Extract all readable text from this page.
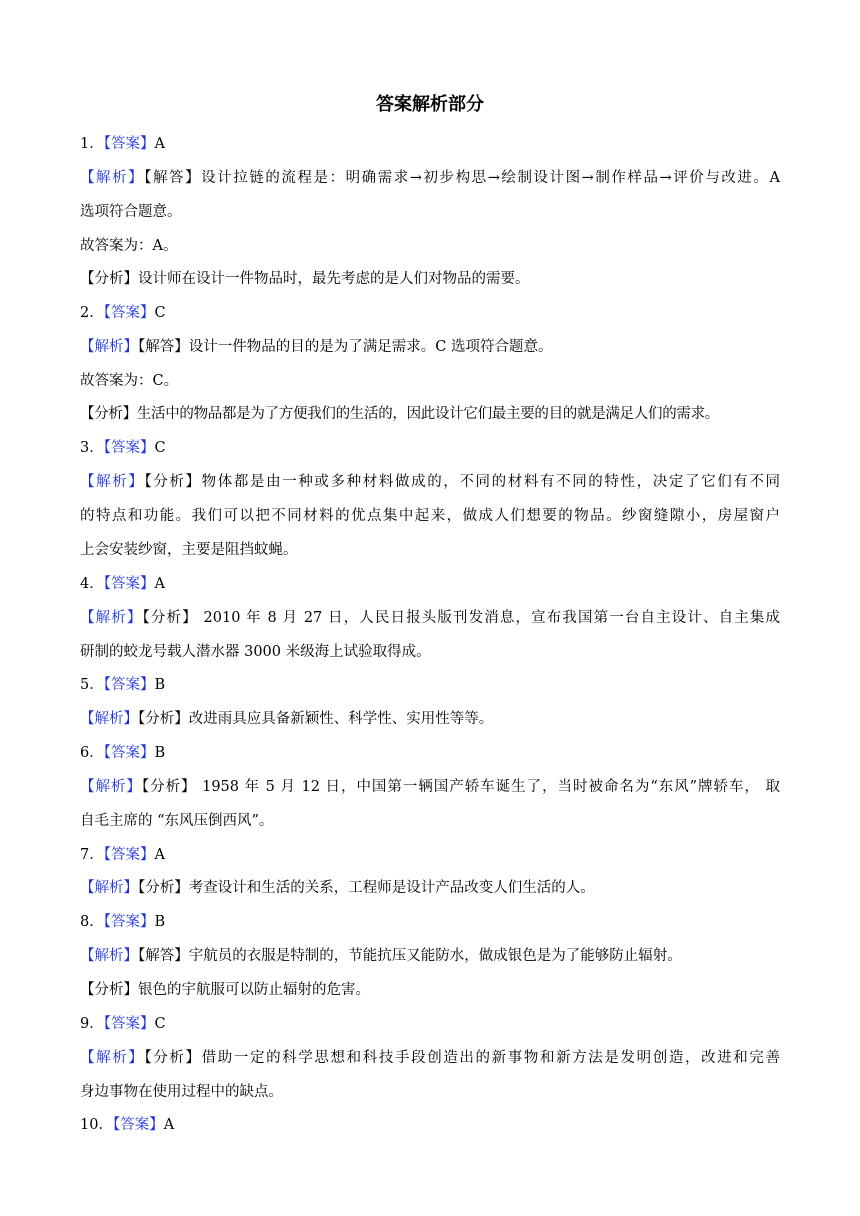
答案解析部分
1．【答案】A
【解析】【解答】设计拉链的流程是：明确需求→初步构思→绘制设计图→制作样品→评价与改进。A
选项符合题意。
故答案为：A。
【分析】设计师在设计一件物品时，最先考虑的是人们对物品的需要。
2．【答案】C
【解析】【解答】设计一件物品的目的是为了满足需求。C 选项符合题意。
故答案为：C。
【分析】生活中的物品都是为了方便我们的生活的，因此设计它们最主要的目的就是满足人们的需求。
3．【答案】C
【解析】【分析】物体都是由一种或多种材料做成的，不同的材料有不同的特性，决定了它们有不同
的特点和功能。我们可以把不同材料的优点集中起来，做成人们想要的物品。纱窗缝隙小，房屋窗户
上会安装纱窗，主要是阻挡蚊蝇。
4．【答案】A
【解析】【分析】 2010 年 8 月 27 日，人民日报头版刊发消息，宣布我国第一台自主设计、自主集成
研制的蛟龙号载人潜水器 3000 米级海上试验取得成。
5．【答案】B
【解析】【分析】改进雨具应具备新颖性、科学性、实用性等等。
6．【答案】B
【解析】【分析】 1958 年 5 月 12 日，中国第一辆国产轿车诞生了，当时被命名为“东风”牌轿车， 取
自毛主席的 “东风压倒西风”。
7．【答案】A
【解析】【分析】考查设计和生活的关系，工程师是设计产品改变人们生活的人。
8．【答案】B
【解析】【解答】宇航员的衣服是特制的，节能抗压又能防水，做成银色是为了能够防止辐射。
【分析】银色的宇航服可以防止辐射的危害。
9．【答案】C
【解析】【分析】借助一定的科学思想和科技手段创造出的新事物和新方法是发明创造，改进和完善
身边事物在使用过程中的缺点。
10．【答案】A
